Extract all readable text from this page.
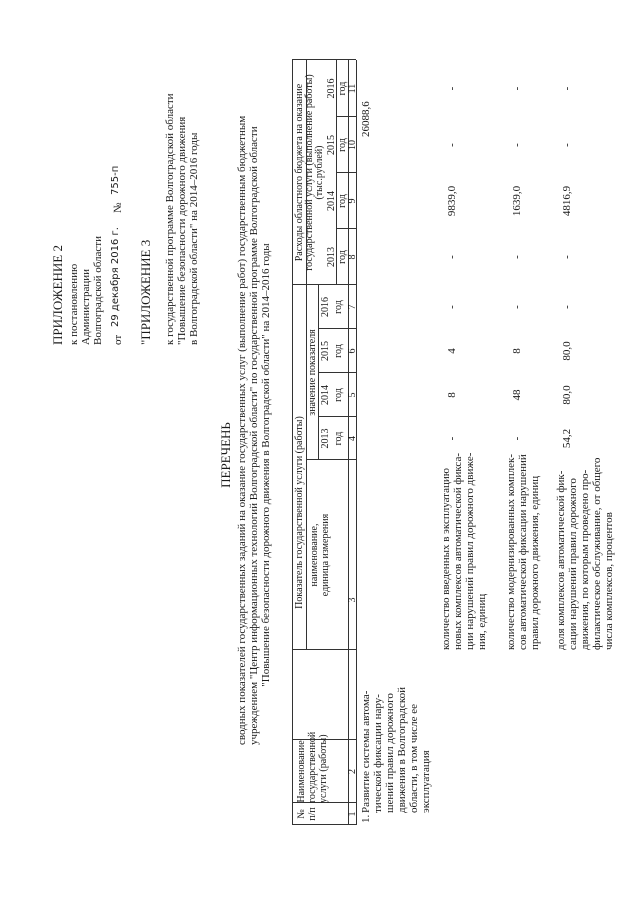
ПРИЛОЖЕНИЕ 2 к постановлению Администрации Волгоградской области от
29 декабря 2016 г.
№
755-п
"ПРИЛОЖЕНИЕ 3 к государственной программе Волгоградской области "Повышение безопасности дорожного движения в Волгоградской области" на 2014–2016 годы
ПЕРЕЧЕНЬ сводных показателей государственных заданий на оказание государственных услуг (выполнение работ) государственным бюджетным учреждением "Центр информационных технологий Волгоградской области" по государственной программе Волгоградской области "Повышение безопасности дорожного движения в Волгоградской области" на 2014–2016 годы
№ п/п
Наименование государственной услуги (работы)
Показатель государственной услуги (работы) наименование, единица измерения
значение показателя
2013
2014
2015
2016
год
год
год
год
Расходы областного бюджета на оказание государственной услуги (выполнение работы) (тыс.рублей)
2013
2014
2015
2016
год
год
год
год
1
2
3
4
5
6
7
8
9
10
11
1.
Развитие системы автома- тической фиксации нару- шений правил дорожного движения в Волгоградской области, в том числе ее эксплуатация
26088,6
количество введенных в эксплуатацию новых комплексов автоматической фикса- ции нарушений правил дорожного движе- ния, единиц
-
8
4
-
-
9839,0
-
-
количество модернизированных комплек- сов автоматической фиксации нарушений правил дорожного движения, единиц
-
48
8
-
-
1639,0
-
-
доля комплексов автоматической фик- сации нарушений правил дорожного движения, по которым проведено про- филактическое обслуживание, от общего числа комплексов, процентов
54,2
80,0
80,0
-
-
4816,9
-
-
